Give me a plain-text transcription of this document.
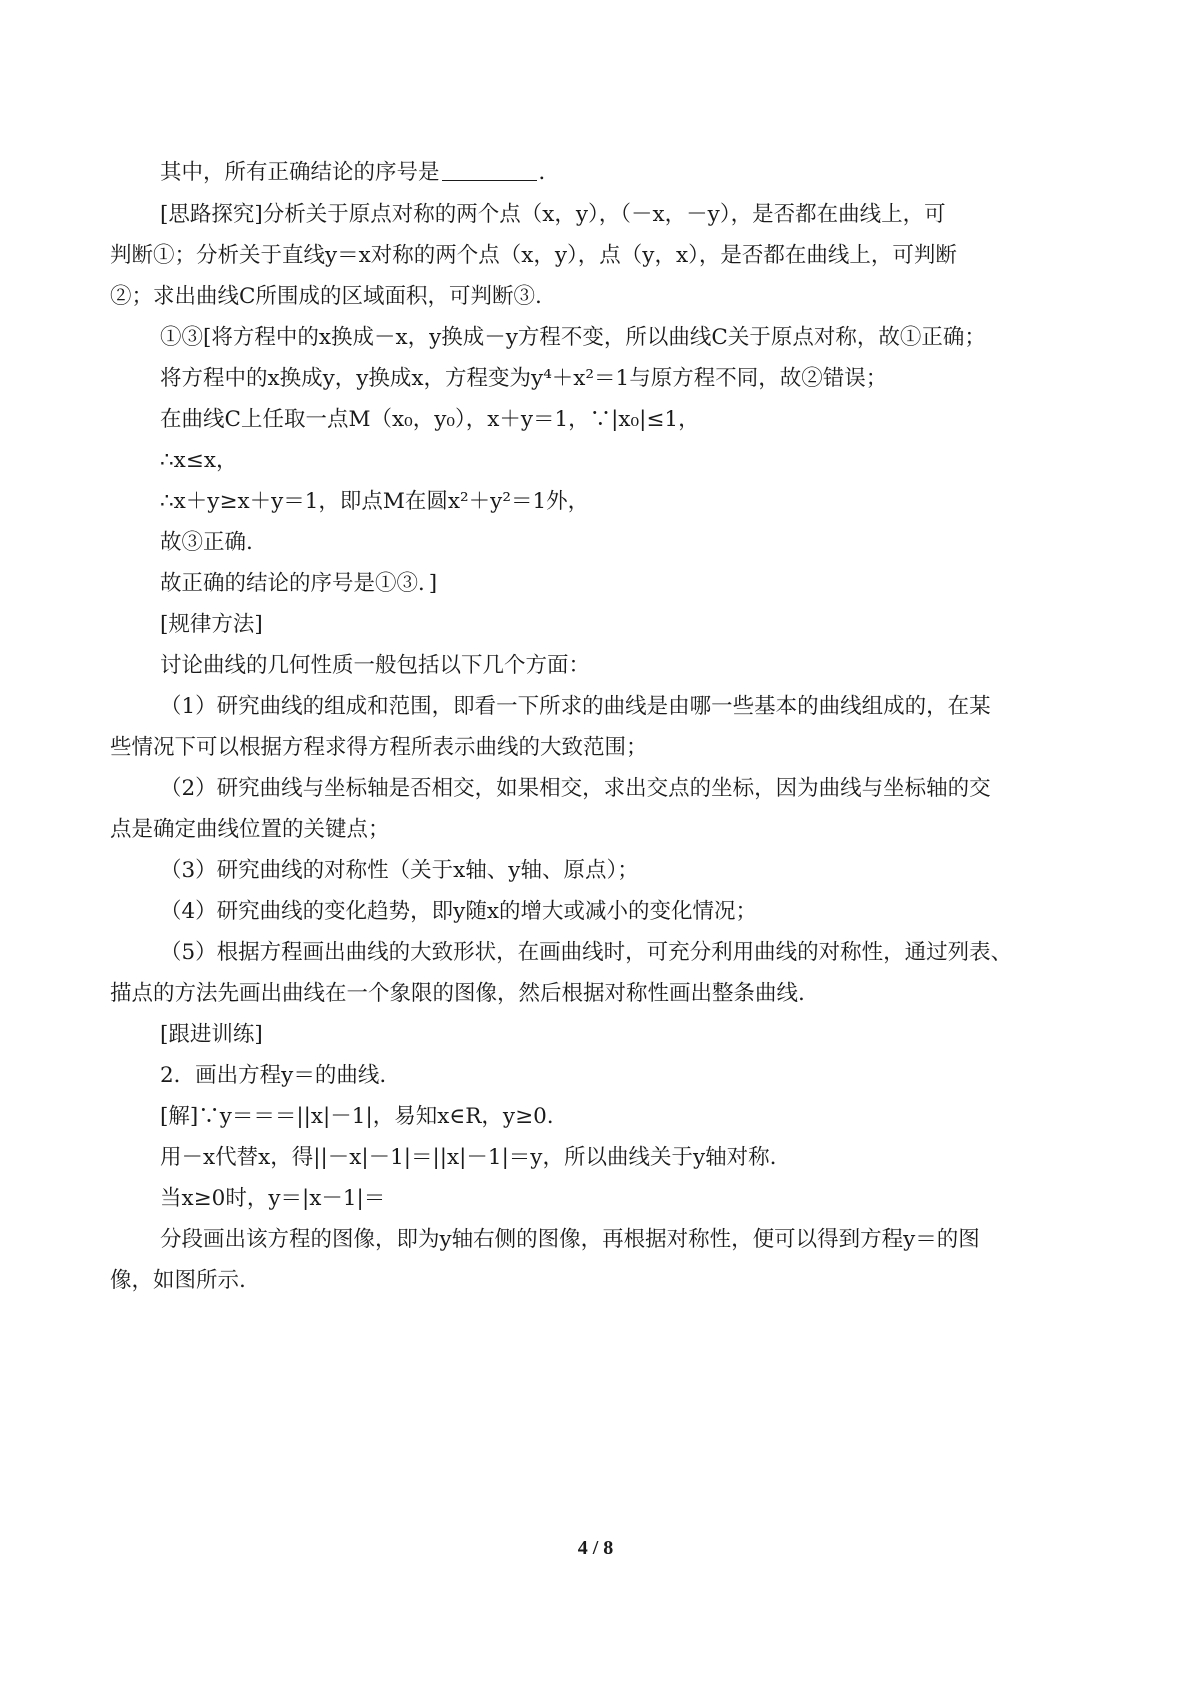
其中，所有正确结论的序号是	．
[思路探究]分析关于原点对称的两个点（x，y），（－x，－y），是否都在曲线上，可
判断①；分析关于直线y＝x对称的两个点（x，y），点（y，x），是否都在曲线上，可判断
②；求出曲线C所围成的区域面积，可判断③.
①③[将方程中的x换成－x，y换成－y方程不变，所以曲线C关于原点对称，故①正确；
将方程中的x换成y，y换成x，方程变为y⁴＋x²＝1与原方程不同，故②错误；
在曲线C上任取一点M（x₀，y₀），x＋y＝1，∵|x₀|≤1，
∴x≤x，
∴x＋y≥x＋y＝1，即点M在圆x²＋y²＝1外，
故③正确.
故正确的结论的序号是①③．]
[规律方法]
讨论曲线的几何性质一般包括以下几个方面：
（1）研究曲线的组成和范围，即看一下所求的曲线是由哪一些基本的曲线组成的，在某
些情况下可以根据方程求得方程所表示曲线的大致范围；
（2）研究曲线与坐标轴是否相交，如果相交，求出交点的坐标，因为曲线与坐标轴的交
点是确定曲线位置的关键点；
（3）研究曲线的对称性（关于x轴、y轴、原点）；
（4）研究曲线的变化趋势，即y随x的增大或减小的变化情况；
（5）根据方程画出曲线的大致形状，在画曲线时，可充分利用曲线的对称性，通过列表、
描点的方法先画出曲线在一个象限的图像，然后根据对称性画出整条曲线.
[跟进训练]
2．画出方程y＝的曲线.
[解]∵y＝＝＝||x|－1|，易知x∈R，y≥0.
用－x代替x，得||－x|－1|＝||x|－1|＝y，所以曲线关于y轴对称.
当x≥0时，y＝|x－1|＝
分段画出该方程的图像，即为y轴右侧的图像，再根据对称性，便可以得到方程y＝的图
像，如图所示.
4 / 8
